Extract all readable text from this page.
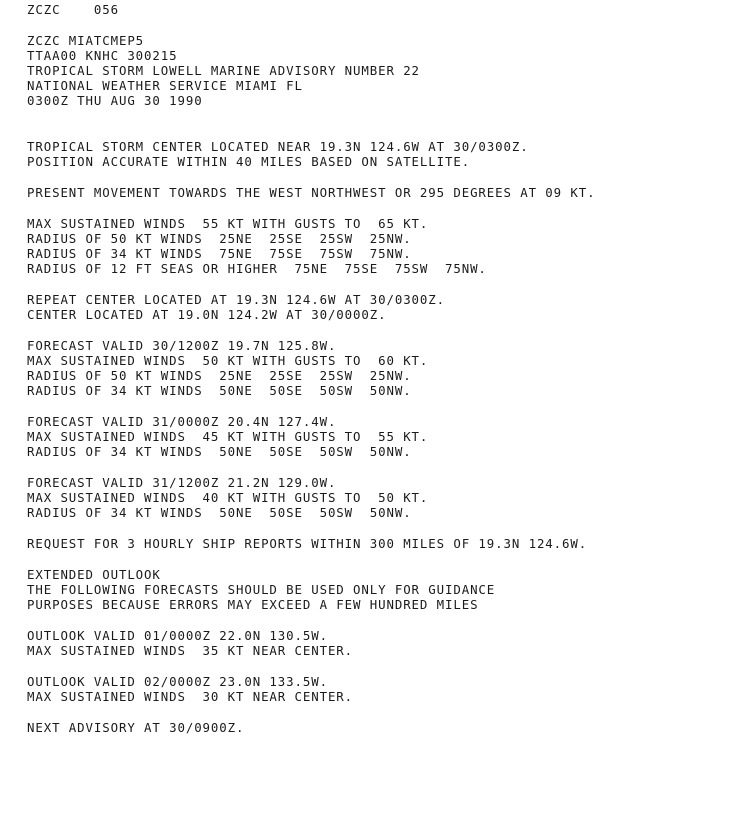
ZCZC    056
ZCZC MIATCMEP5
TTAA00 KNHC 300215
TROPICAL STORM LOWELL MARINE ADVISORY NUMBER 22
NATIONAL WEATHER SERVICE MIAMI FL
0300Z THU AUG 30 1990
TROPICAL STORM CENTER LOCATED NEAR 19.3N 124.6W AT 30/0300Z.
POSITION ACCURATE WITHIN 40 MILES BASED ON SATELLITE.
PRESENT MOVEMENT TOWARDS THE WEST NORTHWEST OR 295 DEGREES AT 09 KT.
MAX SUSTAINED WINDS  55 KT WITH GUSTS TO  65 KT.
RADIUS OF 50 KT WINDS  25NE  25SE  25SW  25NW.
RADIUS OF 34 KT WINDS  75NE  75SE  75SW  75NW.
RADIUS OF 12 FT SEAS OR HIGHER  75NE  75SE  75SW  75NW.
REPEAT CENTER LOCATED AT 19.3N 124.6W AT 30/0300Z.
CENTER LOCATED AT 19.0N 124.2W AT 30/0000Z.
FORECAST VALID 30/1200Z 19.7N 125.8W.
MAX SUSTAINED WINDS  50 KT WITH GUSTS TO  60 KT.
RADIUS OF 50 KT WINDS  25NE  25SE  25SW  25NW.
RADIUS OF 34 KT WINDS  50NE  50SE  50SW  50NW.
FORECAST VALID 31/0000Z 20.4N 127.4W.
MAX SUSTAINED WINDS  45 KT WITH GUSTS TO  55 KT.
RADIUS OF 34 KT WINDS  50NE  50SE  50SW  50NW.
FORECAST VALID 31/1200Z 21.2N 129.0W.
MAX SUSTAINED WINDS  40 KT WITH GUSTS TO  50 KT.
RADIUS OF 34 KT WINDS  50NE  50SE  50SW  50NW.
REQUEST FOR 3 HOURLY SHIP REPORTS WITHIN 300 MILES OF 19.3N 124.6W.
EXTENDED OUTLOOK
THE FOLLOWING FORECASTS SHOULD BE USED ONLY FOR GUIDANCE
PURPOSES BECAUSE ERRORS MAY EXCEED A FEW HUNDRED MILES
OUTLOOK VALID 01/0000Z 22.0N 130.5W.
MAX SUSTAINED WINDS  35 KT NEAR CENTER.
OUTLOOK VALID 02/0000Z 23.0N 133.5W.
MAX SUSTAINED WINDS  30 KT NEAR CENTER.
NEXT ADVISORY AT 30/0900Z.
